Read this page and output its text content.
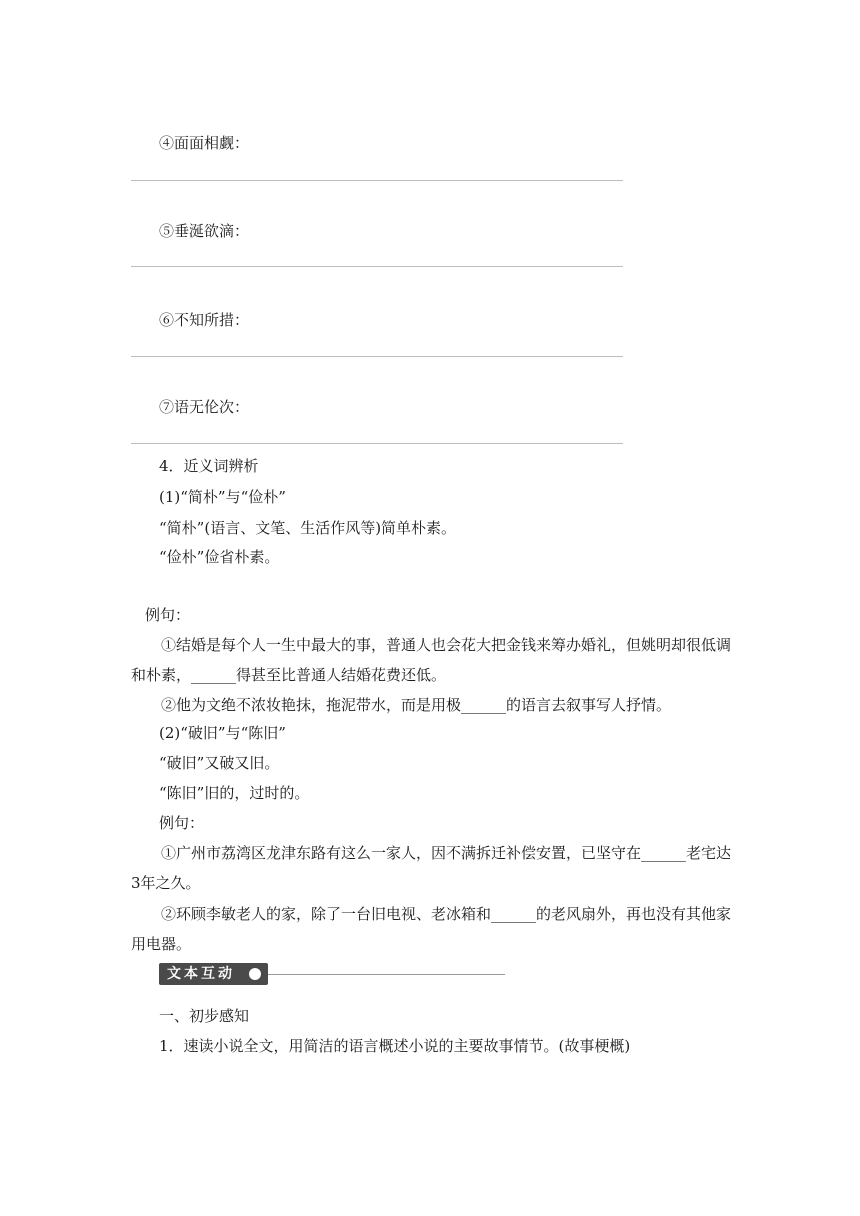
④面面相觑：
⑤垂涎欲滴：
⑥不知所措：
⑦语无伦次：
4．近义词辨析
(1)“简朴”与“俭朴”
“简朴”(语言、文笔、生活作风等)简单朴素。
“俭朴”俭省朴素。
例句：
①结婚是每个人一生中最大的事，普通人也会花大把金钱来筹办婚礼，但姚明却很低调和朴素，______得甚至比普通人结婚花费还低。
②他为文绝不浓妆艳抹，拖泥带水，而是用极______的语言去叙事写人抒情。
(2)“破旧”与“陈旧”
“破旧”又破又旧。
“陈旧”旧的，过时的。
例句：
①广州市荔湾区龙津东路有这么一家人，因不满拆迁补偿安置，已坚守在______老宅达3年之久。
②环顾李敏老人的家，除了一台旧电视、老冰箱和______的老风扇外，再也没有其他家用电器。
文本互动
一、初步感知
1．速读小说全文，用简洁的语言概述小说的主要故事情节。(故事梗概)
